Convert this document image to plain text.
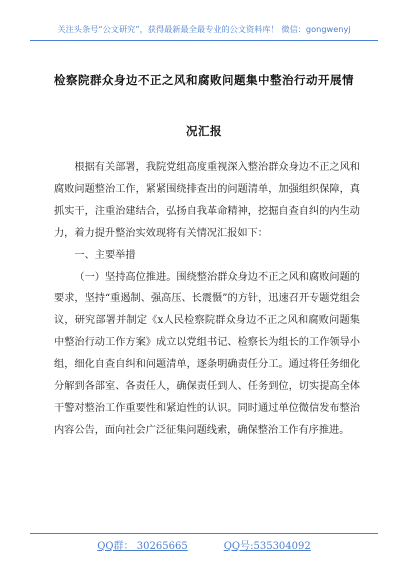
关注头条号“公文研究”，获得最新最全最专业的公文资料库！ 微信：gongwenyj
检察院群众身边不正之风和腐败问题集中整治行动开展情
况汇报

根据有关部署，我院党组高度重视深入整治群众身边不正之风和腐败问题整治工作，紧紧围绕排查出的问题清单，加强组织保障，真抓实干，注重治建结合，弘扬自我革命精神，挖掘自查自纠的内生动力，着力提升整治实效现将有关情况汇报如下：

一、主要举措

（一）坚持高位推进。围绕整治群众身边不正之风和腐败问题的要求，坚持“重遏制、强高压、长震慑”的方针，迅速召开专题党组会议，研究部署并制定《x人民检察院群众身边不正之风和腐败问题集中整治行动工作方案》成立以党组书记、检察长为组长的工作领导小组，细化自查自纠和问题清单，逐条明确责任分工。通过将任务细化分解到各部室、各责任人，确保责任到人、任务到位，切实提高全体干警对整治工作重要性和紧迫性的认识。同时通过单位微信发布整治内容公告，面向社会广泛征集问题线索，确保整治工作有序推进。

QQ群： 30265665	QQ号:535304092
